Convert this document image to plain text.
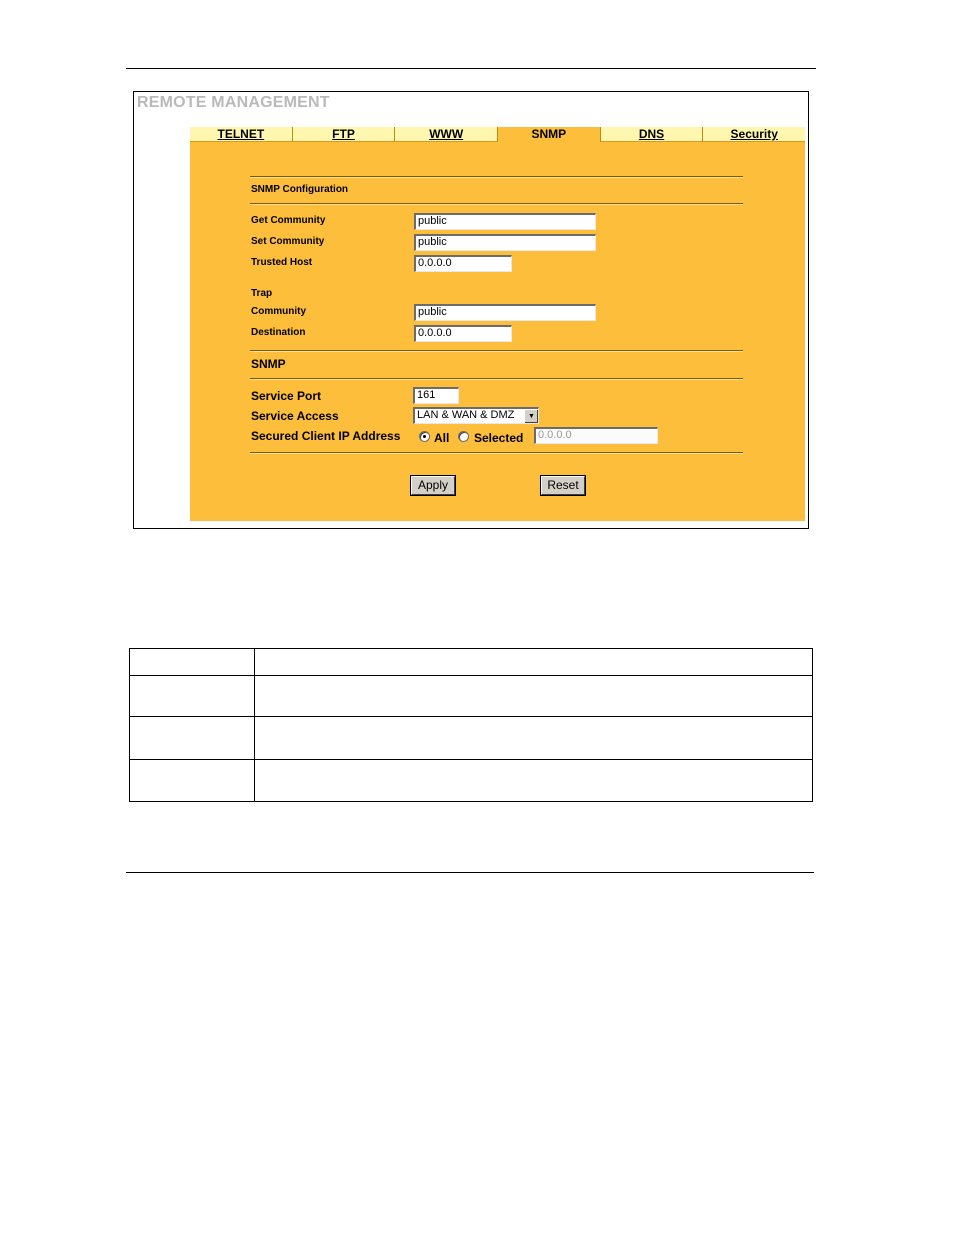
REMOTE MANAGEMENT
TELNET	FTP	WWW	SNMP	DNS	Security
SNMP Configuration
Get Community	public
Set Community	public
Trusted Host	0.0.0.0
Trap
Community	public
Destination	0.0.0.0
SNMP
Service Port	161
Service Access	LAN & WAN & DMZ	▼
Secured Client IP Address	All Selected	0.0.0.0
Apply	Reset
